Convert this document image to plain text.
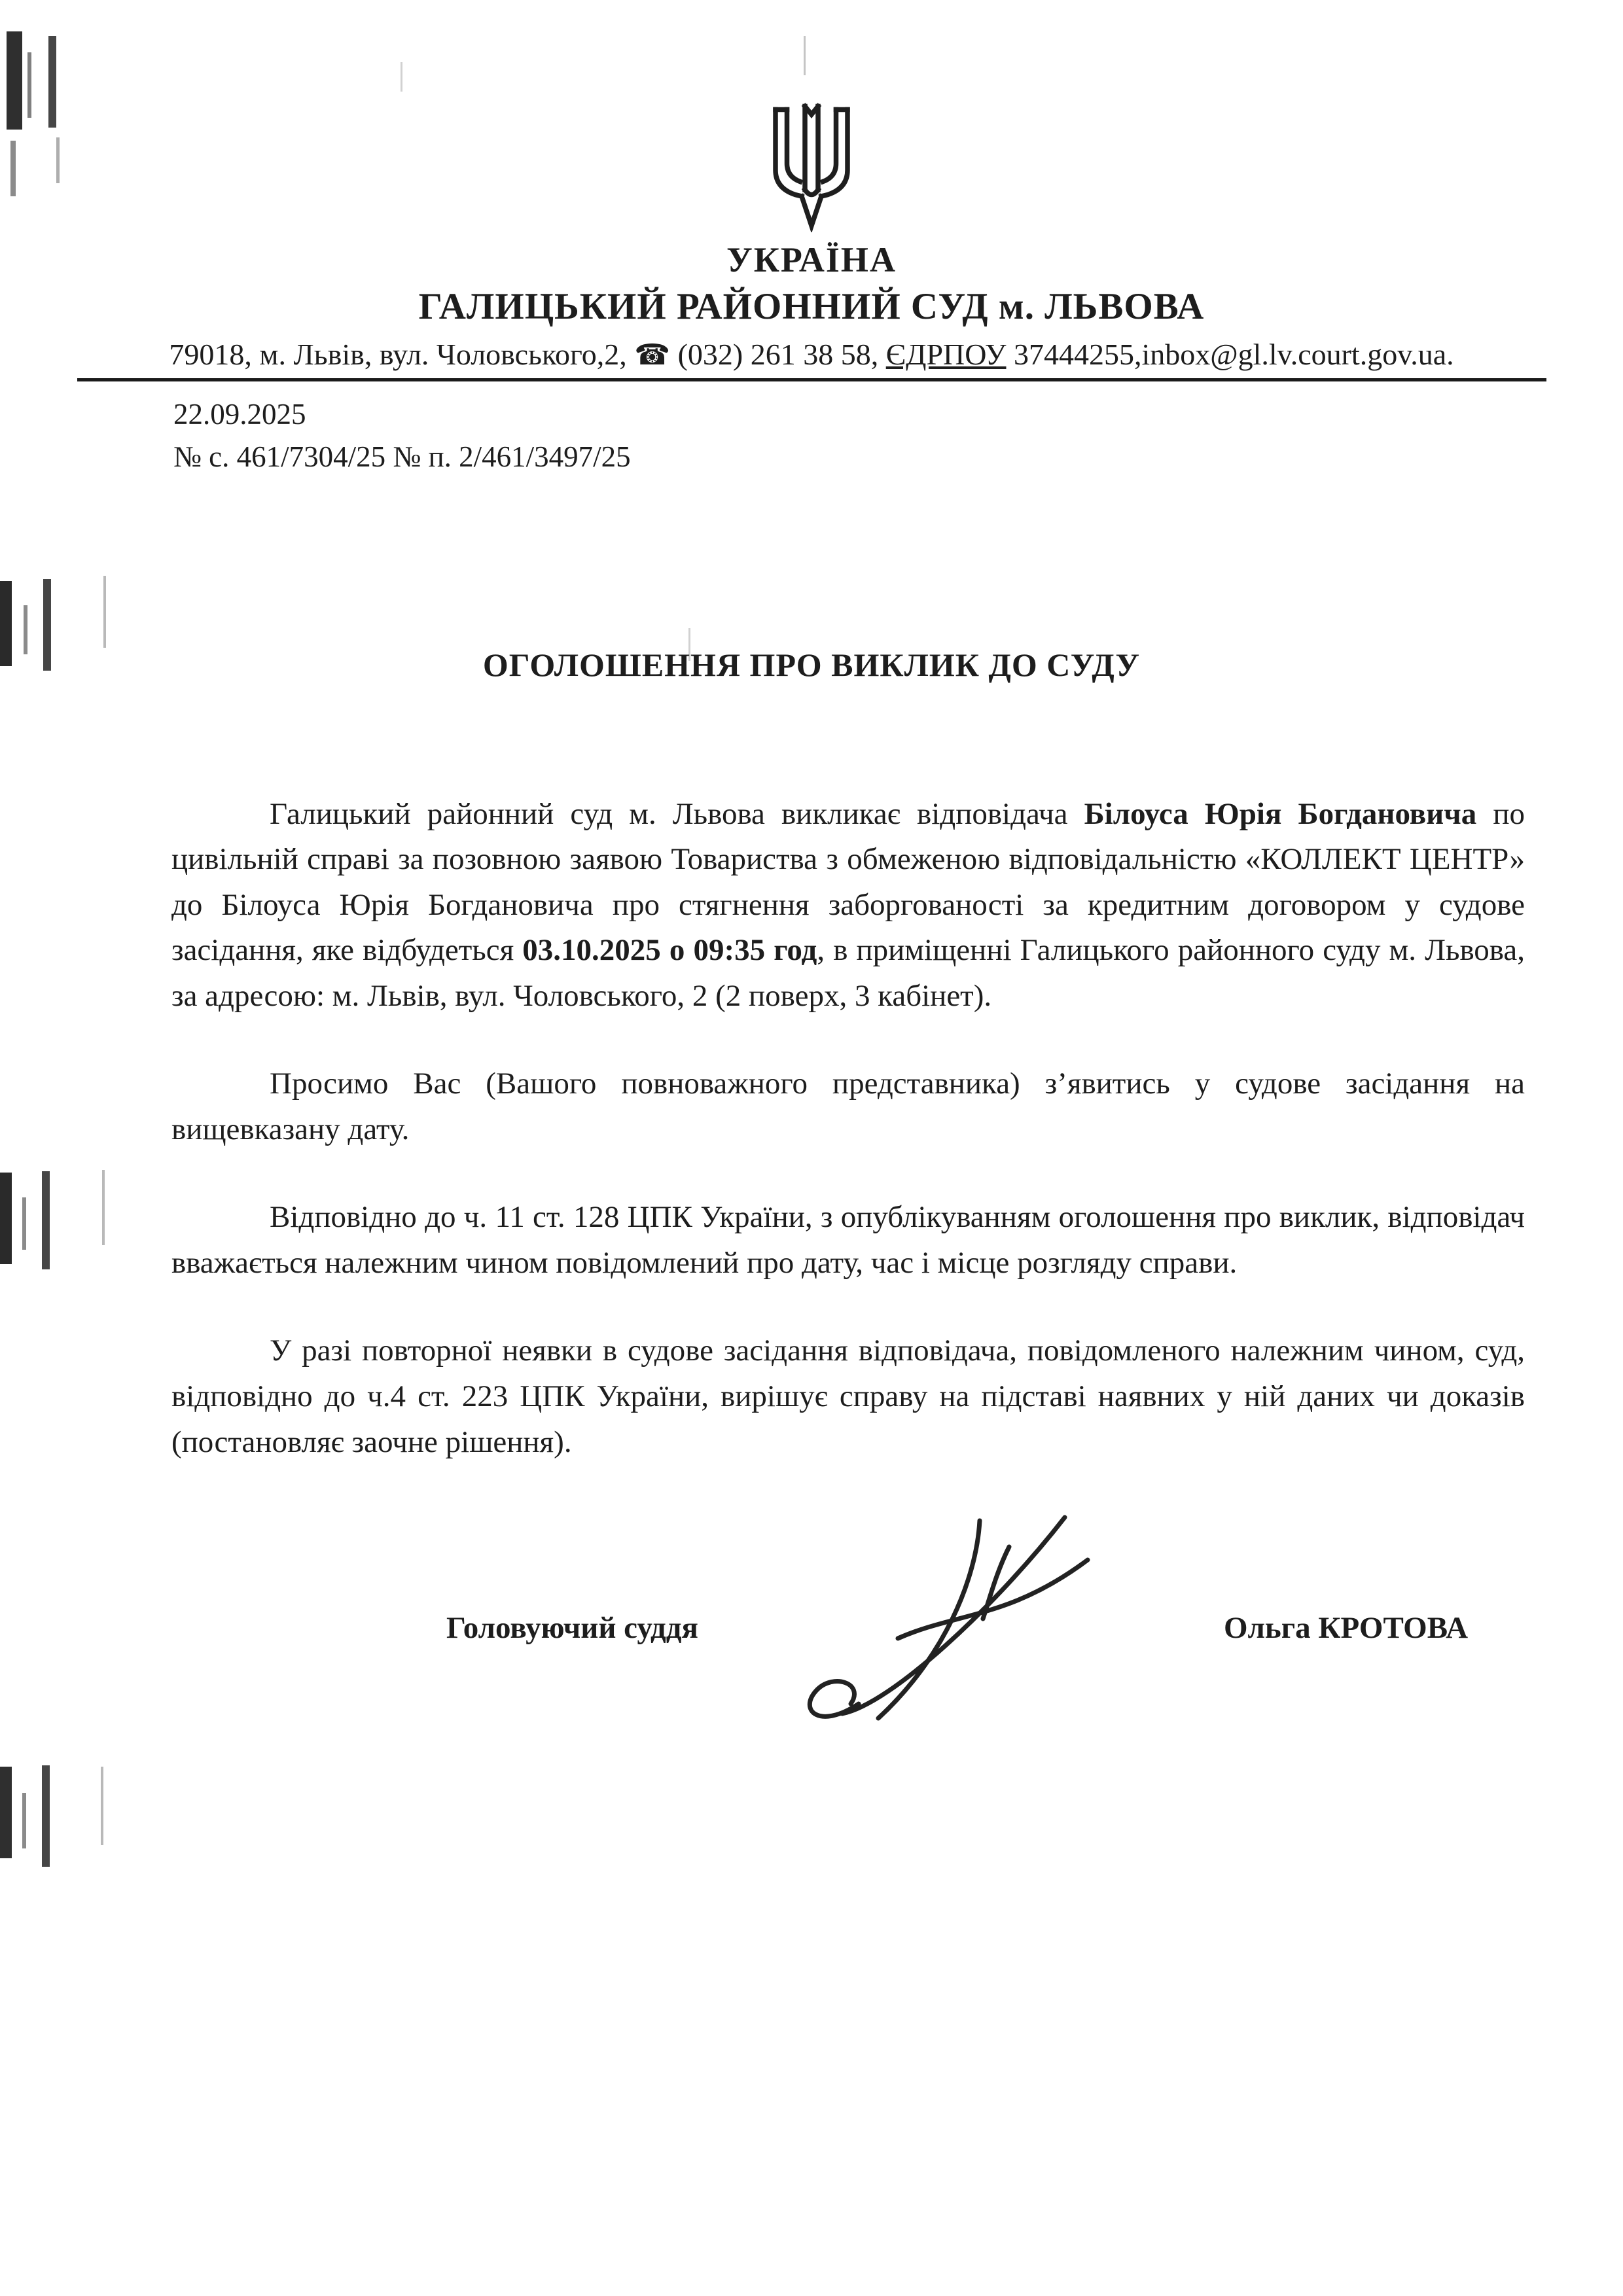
УКРАЇНА
ГАЛИЦЬКИЙ РАЙОННИЙ СУД м. ЛЬВОВА
79018, м. Львів, вул. Чоловського,2, ☎ (032) 261 38 58, ЄДРПОУ 37444255,inbox@gl.lv.court.gov.ua.
22.09.2025
№ с. 461/7304/25 № п. 2/461/3497/25
ОГОЛОШЕННЯ ПРО ВИКЛИК ДО СУДУ

Галицький районний суд м. Львова викликає відповідача Білоуса Юрія Богдановича по цивільній справі за позовною заявою Товариства з обмеженою відповідальністю «КОЛЛЕКТ ЦЕНТР» до Білоуса Юрія Богдановича про стягнення заборгованості за кредитним договором у судове засідання, яке відбудеться 03.10.2025 о 09:35 год, в приміщенні Галицького районного суду м. Львова, за адресою: м. Львів, вул. Чоловського, 2 (2 поверх, 3 кабінет).

Просимо Вас (Вашого повноважного представника) з’явитись у судове засідання на вищевказану дату.

Відповідно до ч. 11 ст. 128 ЦПК України, з опублікуванням оголошення про виклик, відповідач вважається належним чином повідомлений про дату, час і місце розгляду справи.

У разі повторної неявки в судове засідання відповідача, повідомленого належним чином, суд, відповідно до ч.4 ст. 223 ЦПК України, вирішує справу на підставі наявних у ній даних чи доказів (постановляє заочне рішення).

Головуючий суддя	Ольга КРОТОВА
